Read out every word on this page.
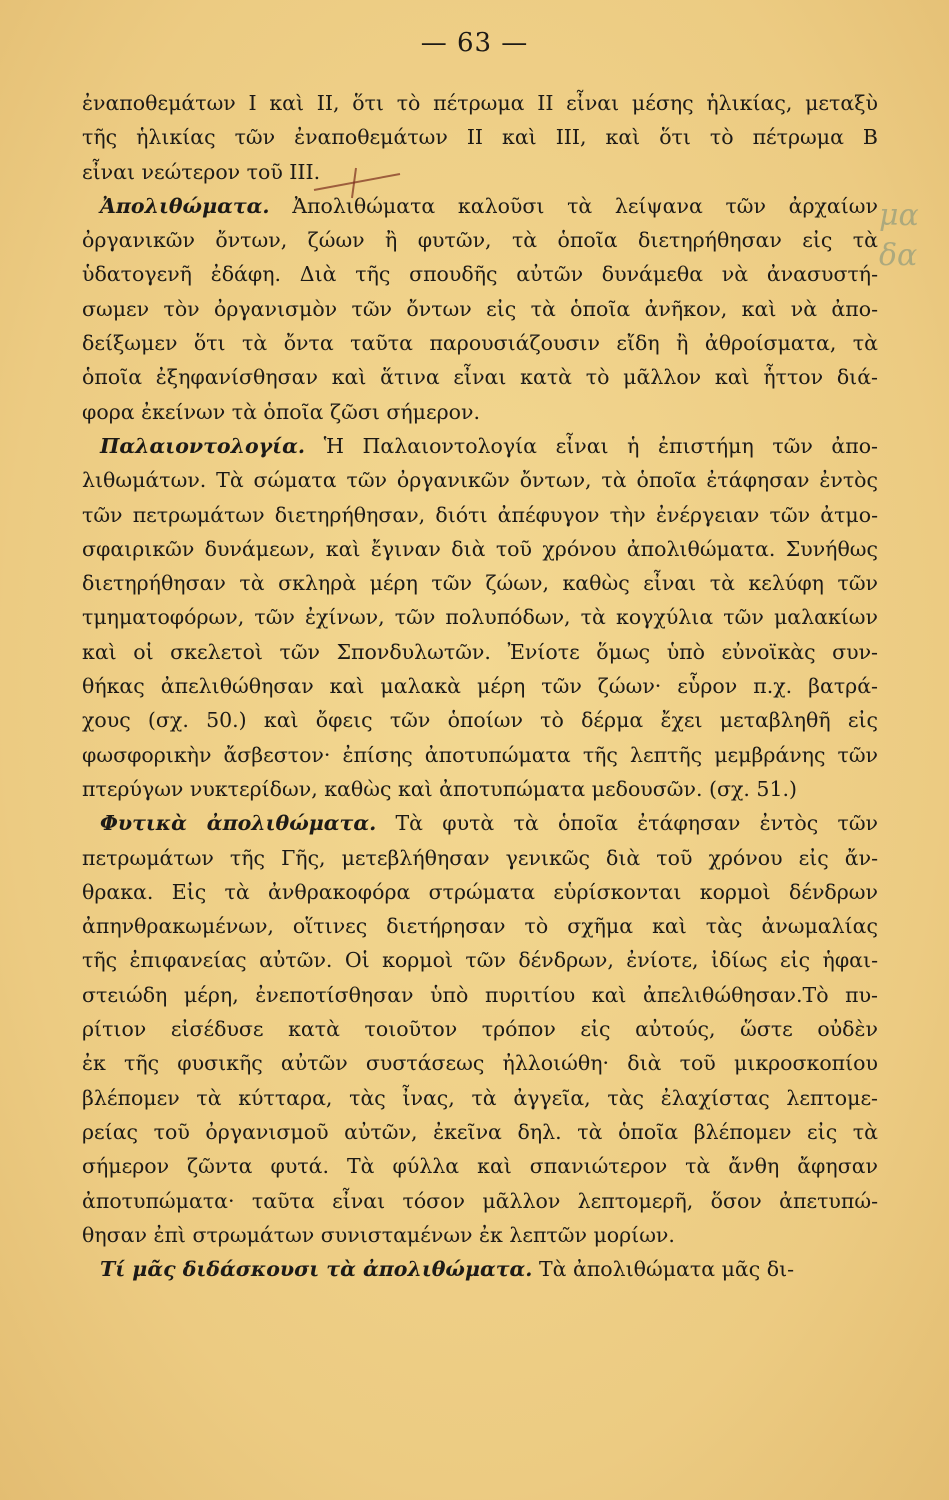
— 63 —
μα
δα
ἐναποθεμάτων Ι καὶ ΙΙ, ὅτι τὸ πέτρωμα ΙΙ εἶναι μέσης ἡλικίας, μεταξὺ
τῆς ἡλικίας τῶν ἐναποθεμάτων ΙΙ καὶ ΙΙΙ, καὶ ὅτι τὸ πέτρωμα Β
εἶναι νεώτερον τοῦ ΙΙΙ.
Ἀπολιθώματα. Ἀπολιθώματα καλοῦσι τὰ λείψανα τῶν ἀρχαίων
ὀργανικῶν ὄντων, ζώων ἢ φυτῶν, τὰ ὁποῖα διετηρήθησαν εἰς τὰ
ὑδατογενῆ ἐδάφη. Διὰ τῆς σπουδῆς αὐτῶν δυνάμεθα νὰ ἀνασυστή-
σωμεν τὸν ὀργανισμὸν τῶν ὄντων εἰς τὰ ὁποῖα ἀνῆκον, καὶ νὰ ἀπο-
δείξωμεν ὅτι τὰ ὄντα ταῦτα παρουσιάζουσιν εἴδη ἢ ἀθροίσματα, τὰ
ὁποῖα ἐξηφανίσθησαν καὶ ἅτινα εἶναι κατὰ τὸ μᾶλλον καὶ ἧττον διά-
φορα ἐκείνων τὰ ὁποῖα ζῶσι σήμερον.
Παλαιοντολογία. Ἡ Παλαιοντολογία εἶναι ἡ ἐπιστήμη τῶν ἀπο-
λιθωμάτων. Τὰ σώματα τῶν ὀργανικῶν ὄντων, τὰ ὁποῖα ἐτάφησαν ἐντὸς
τῶν πετρωμάτων διετηρήθησαν, διότι ἀπέφυγον τὴν ἐνέργειαν τῶν ἀτμο-
σφαιρικῶν δυνάμεων, καὶ ἔγιναν διὰ τοῦ χρόνου ἀπολιθώματα. Συνήθως
διετηρήθησαν τὰ σκληρὰ μέρη τῶν ζώων, καθὼς εἶναι τὰ κελύφη τῶν
τμηματοφόρων, τῶν ἐχίνων, τῶν πολυπόδων, τὰ κογχύλια τῶν μαλακίων
καὶ οἱ σκελετοὶ τῶν Σπονδυλωτῶν. Ἐνίοτε ὅμως ὑπὸ εὐνοϊκὰς συν-
θήκας ἀπελιθώθησαν καὶ μαλακὰ μέρη τῶν ζώων· εὗρον π.χ. βατρά-
χους (σχ. 50.) καὶ ὄφεις τῶν ὁποίων τὸ δέρμα ἔχει μεταβληθῆ εἰς
φωσφορικὴν ἄσβεστον· ἐπίσης ἀποτυπώματα τῆς λεπτῆς μεμβράνης τῶν
πτερύγων νυκτερίδων, καθὼς καὶ ἀποτυπώματα μεδουσῶν. (σχ. 51.)
Φυτικὰ ἀπολιθώματα. Τὰ φυτὰ τὰ ὁποῖα ἐτάφησαν ἐντὸς τῶν
πετρωμάτων τῆς Γῆς, μετεβλήθησαν γενικῶς διὰ τοῦ χρόνου εἰς ἄν-
θρακα. Εἰς τὰ ἀνθρακοφόρα στρώματα εὑρίσκονται κορμοὶ δένδρων
ἀπηνθρακωμένων, οἵτινες διετήρησαν τὸ σχῆμα καὶ τὰς ἀνωμαλίας
τῆς ἐπιφανείας αὐτῶν. Οἱ κορμοὶ τῶν δένδρων, ἐνίοτε, ἰδίως εἰς ἡφαι-
στειώδη μέρη, ἐνεποτίσθησαν ὑπὸ πυριτίου καὶ ἀπελιθώθησαν.Τὸ πυ-
ρίτιον εἰσέδυσε κατὰ τοιοῦτον τρόπον εἰς αὐτούς, ὥστε οὐδὲν
ἐκ τῆς φυσικῆς αὐτῶν συστάσεως ἠλλοιώθη· διὰ τοῦ μικροσκοπίου
βλέπομεν τὰ κύτταρα, τὰς ἶνας, τὰ ἀγγεῖα, τὰς ἐλαχίστας λεπτομε-
ρείας τοῦ ὀργανισμοῦ αὐτῶν, ἐκεῖνα δηλ. τὰ ὁποῖα βλέπομεν εἰς τὰ
σήμερον ζῶντα φυτά. Τὰ φύλλα καὶ σπανιώτερον τὰ ἄνθη ἄφησαν
ἀποτυπώματα· ταῦτα εἶναι τόσον μᾶλλον λεπτομερῆ, ὅσον ἀπετυπώ-
θησαν ἐπὶ στρωμάτων συνισταμένων ἐκ λεπτῶν μορίων.
Τί μᾶς διδάσκουσι τὰ ἀπολιθώματα. Τὰ ἀπολιθώματα μᾶς δι-
